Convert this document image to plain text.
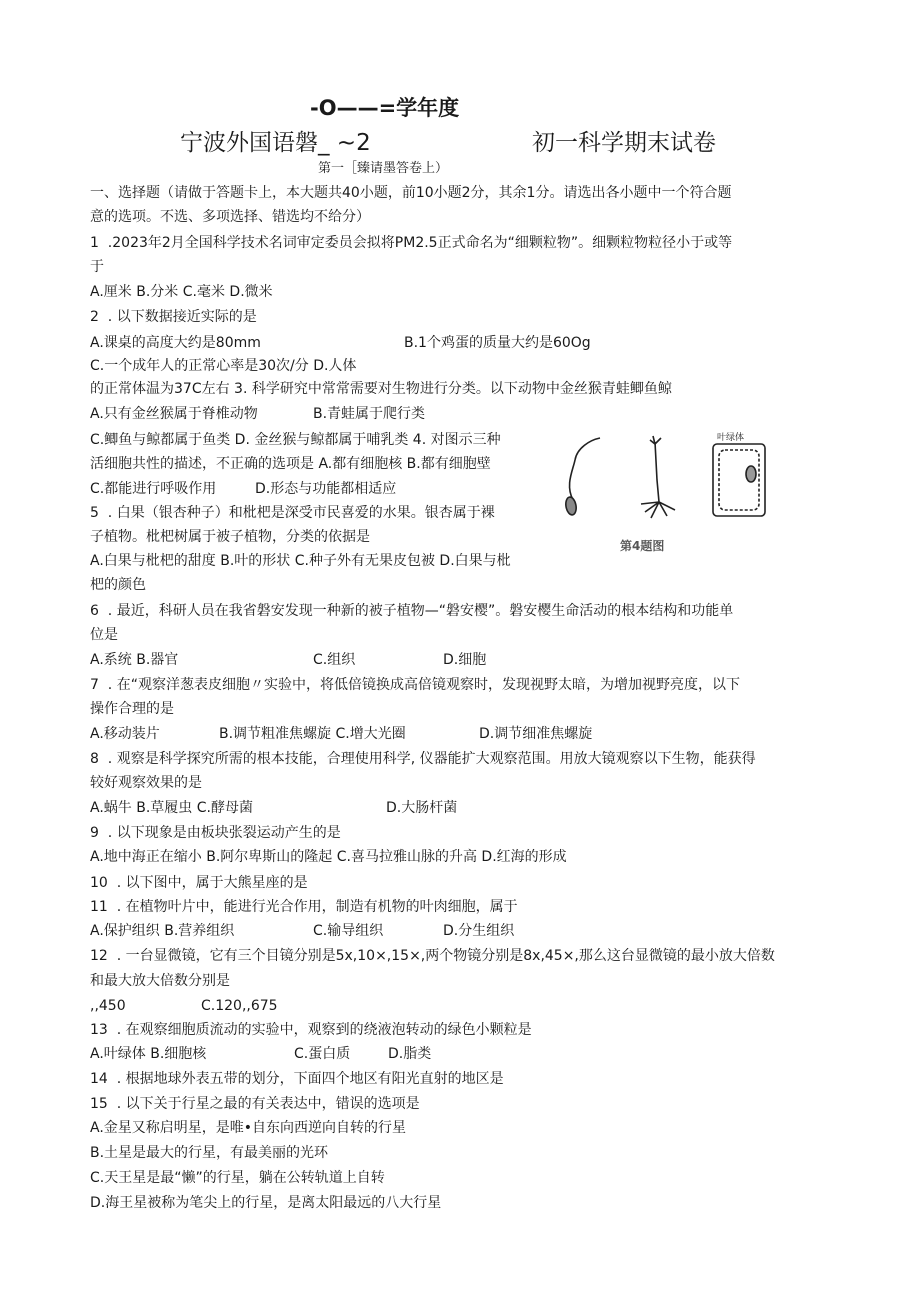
-O——=学年度
宁波外国语磐_ ~2	初一科学期末试卷
第一［臻请墨答卷上）
一、选择题（请做于答题卡上，本大题共40小题，前10小题2分，其余1分。请选出各小题中一个符合题
意的选项。不选、多项选择、错选均不给分）
1  .2023年2月全国科学技术名词审定委员会拟将PM2.5正式命名为“细颗粒物”。细颗粒物粒径小于或等
于
A.厘米 B.分米 C.毫米 D.微米
2  . 以下数据接近实际的是
A.课桌的高度大约是80mm	B.1个鸡蛋的质量大约是60Og
C.一个成年人的正常心率是30次/分 D.人体
的正常体温为37C左右 3. 科学研究中常常需要对生物进行分类。以下动物中金丝猴青蛙鲫鱼鲸
A.只有金丝猴属于脊椎动物	B.青蛙属于爬行类
C.鲫鱼与鲸都属于鱼类 D. 金丝猴与鲸都属于哺乳类 4. 对图示三种
活细胞共性的描述，不正确的选项是 A.都有细胞核 B.都有细胞壁
C.都能进行呼吸作用	D.形态与功能都相适应
5  . 白果（银杏种子）和枇杷是深受市民喜爱的水果。银杏属于裸
子植物。枇杷树属于被子植物，分类的依据是
A.白果与枇杷的甜度 B.叶的形状 C.种子外有无果皮包被 D.白果与枇
杷的颜色
叶绿体
第4题图
6  . 最近，科研人员在我省磐安发现一种新的被子植物—“磐安樱”。磐安樱生命活动的根本结构和功能单
位是
A.系统 B.器官	C.组织	D.细胞
7  . 在“观察洋葱表皮细胞〃实验中，将低倍镜换成高倍镜观察时，发现视野太暗，为增加视野亮度，以下
操作合理的是
A.移动装片	B.调节粗准焦螺旋 C.增大光圈	D.调节细准焦螺旋
8  . 观察是科学探究所需的根本技能，合理使用科学, 仪器能扩大观察范围。用放大镜观察以下生物，能获得
较好观察效果的是
A.蜗牛 B.草履虫 C.酵母菌	D.大肠杆菌
9  . 以下现象是由板块张裂运动产生的是
A.地中海正在缩小 B.阿尔卑斯山的隆起 C.喜马拉雅山脉的升高 D.红海的形成
10  . 以下图中，属于大熊星座的是
11  . 在植物叶片中，能进行光合作用，制造有机物的叶肉细胞，属于
A.保护组织 B.营养组织	C.输导组织	D.分生组织
12  . 一台显微镜，它有三个目镜分别是5x,10×,15×,两个物镜分别是8x,45×,那么这台显微镜的最小放大倍数
和最大放大倍数分别是
,,450	C.120,,675
13  . 在观察细胞质流动的实验中，观察到的绕液泡转动的绿色小颗粒是
A.叶绿体 B.细胞核	C.蛋白质	D.脂类
14  . 根据地球外表五带的划分，下面四个地区有阳光直射的地区是
15  . 以下关于行星之最的有关表达中，错误的选项是
A.金星又称启明星，是唯•自东向西逆向自转的行星
B.土星是最大的行星，有最美丽的光环
C.天王星是最“懒”的行星，躺在公转轨道上自转
D.海王星被称为笔尖上的行星，是离太阳最远的八大行星
